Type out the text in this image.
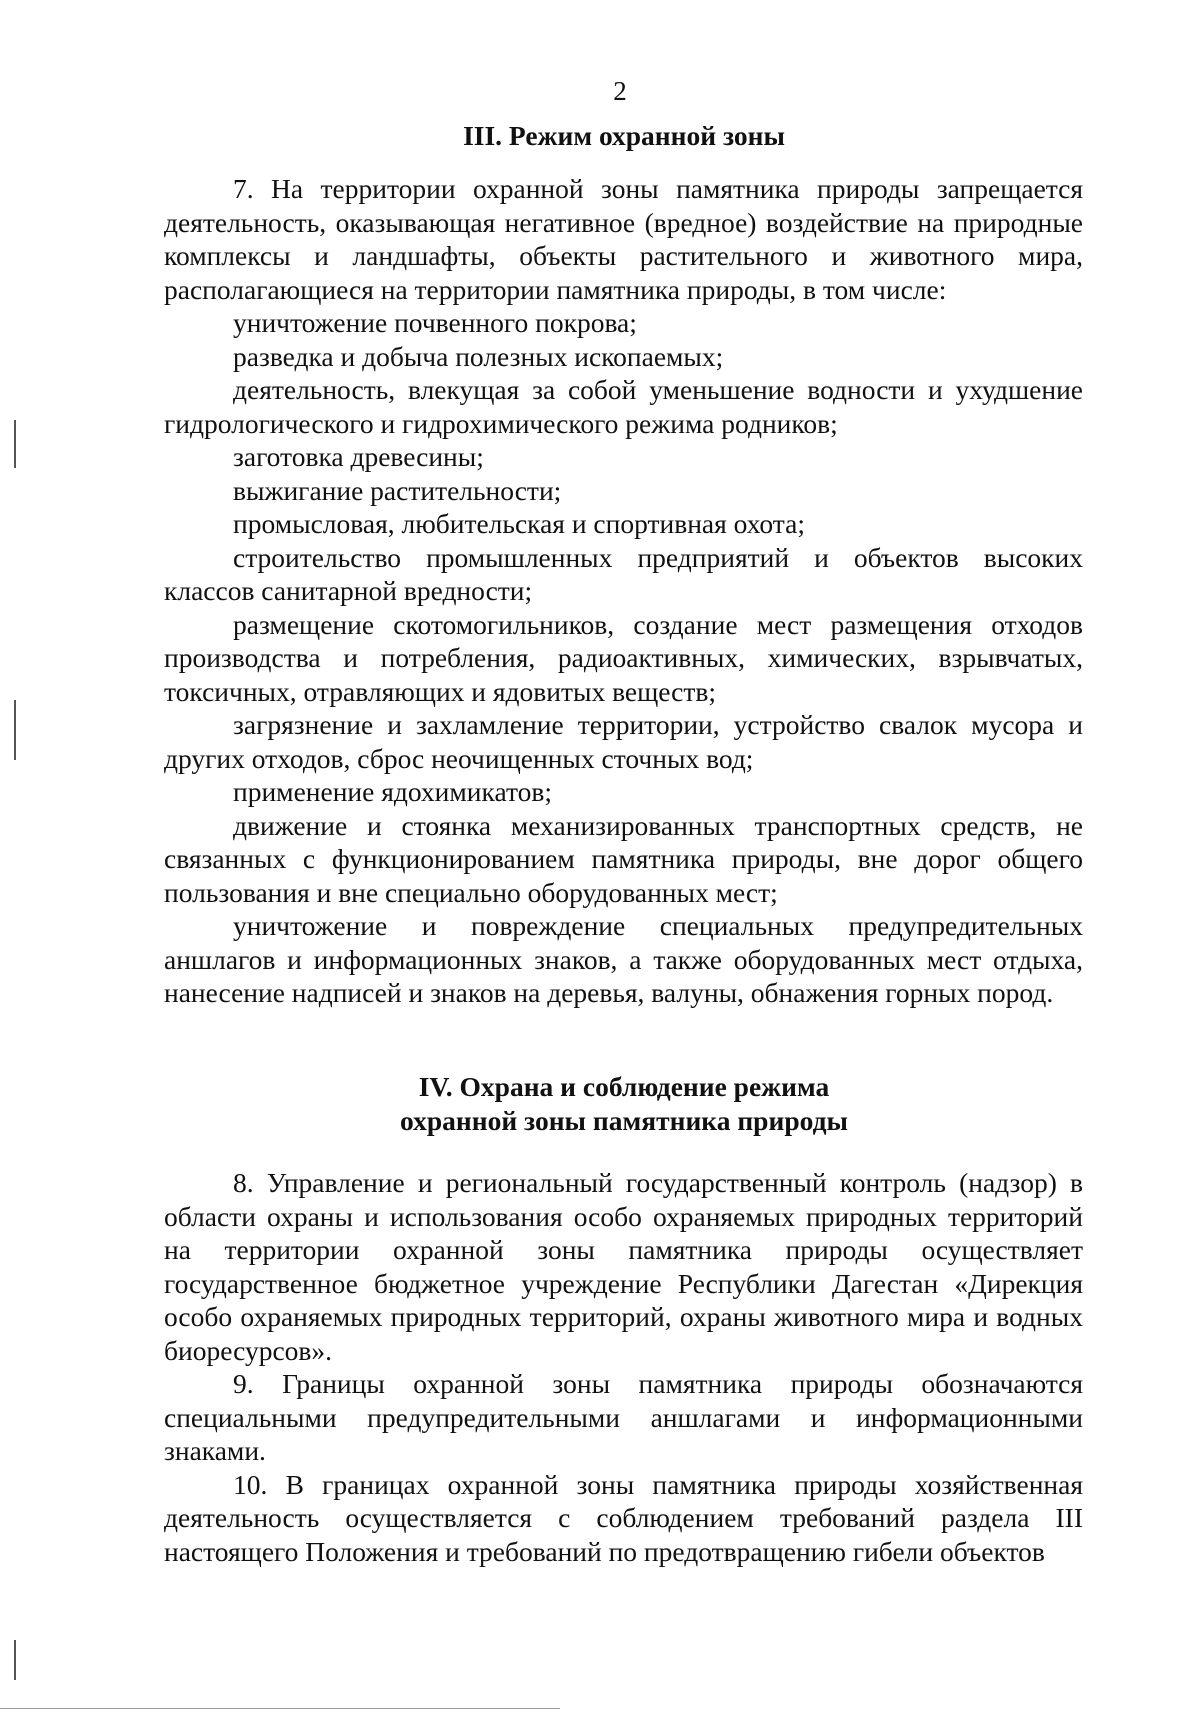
2
III. Режим охранной зоны

7. На территории охранной зоны памятника природы запрещается деятельность, оказывающая негативное (вредное) воздействие на природные комплексы и ландшафты, объекты растительного и животного мира, располагающиеся на территории памятника природы, в том числе:

уничтожение почвенного покрова;

разведка и добыча полезных ископаемых;

деятельность, влекущая за собой уменьшение водности и ухудшение гидрологического и гидрохимического режима родников;

заготовка древесины;

выжигание растительности;

промысловая, любительская и спортивная охота;

строительство промышленных предприятий и объектов высоких классов санитарной вредности;

размещение скотомогильников, создание мест размещения отходов производства и потребления, радиоактивных, химических, взрывчатых, токсичных, отравляющих и ядовитых веществ;

загрязнение и захламление территории, устройство свалок мусора и других отходов, сброс неочищенных сточных вод;

применение ядохимикатов;

движение и стоянка механизированных транспортных средств, не связанных с функционированием памятника природы, вне дорог общего пользования и вне специально оборудованных мест;

уничтожение и повреждение специальных предупредительных аншлагов и информационных знаков, а также оборудованных мест отдыха, нанесение надписей и знаков на деревья, валуны, обнажения горных пород.

IV. Охрана и соблюдение режима
охранной зоны памятника природы

8. Управление и региональный государственный контроль (надзор) в области охраны и использования особо охраняемых природных территорий на территории охранной зоны памятника природы осуществляет государственное бюджетное учреждение Республики Дагестан «Дирекция особо охраняемых природных территорий, охраны животного мира и водных биоресурсов».

9. Границы охранной зоны памятника природы обозначаются специальными предупредительными аншлагами и информационными знаками.

10. В границах охранной зоны памятника природы хозяйственная деятельность осуществляется с соблюдением требований раздела III настоящего Положения и требований по предотвращению гибели объектов
